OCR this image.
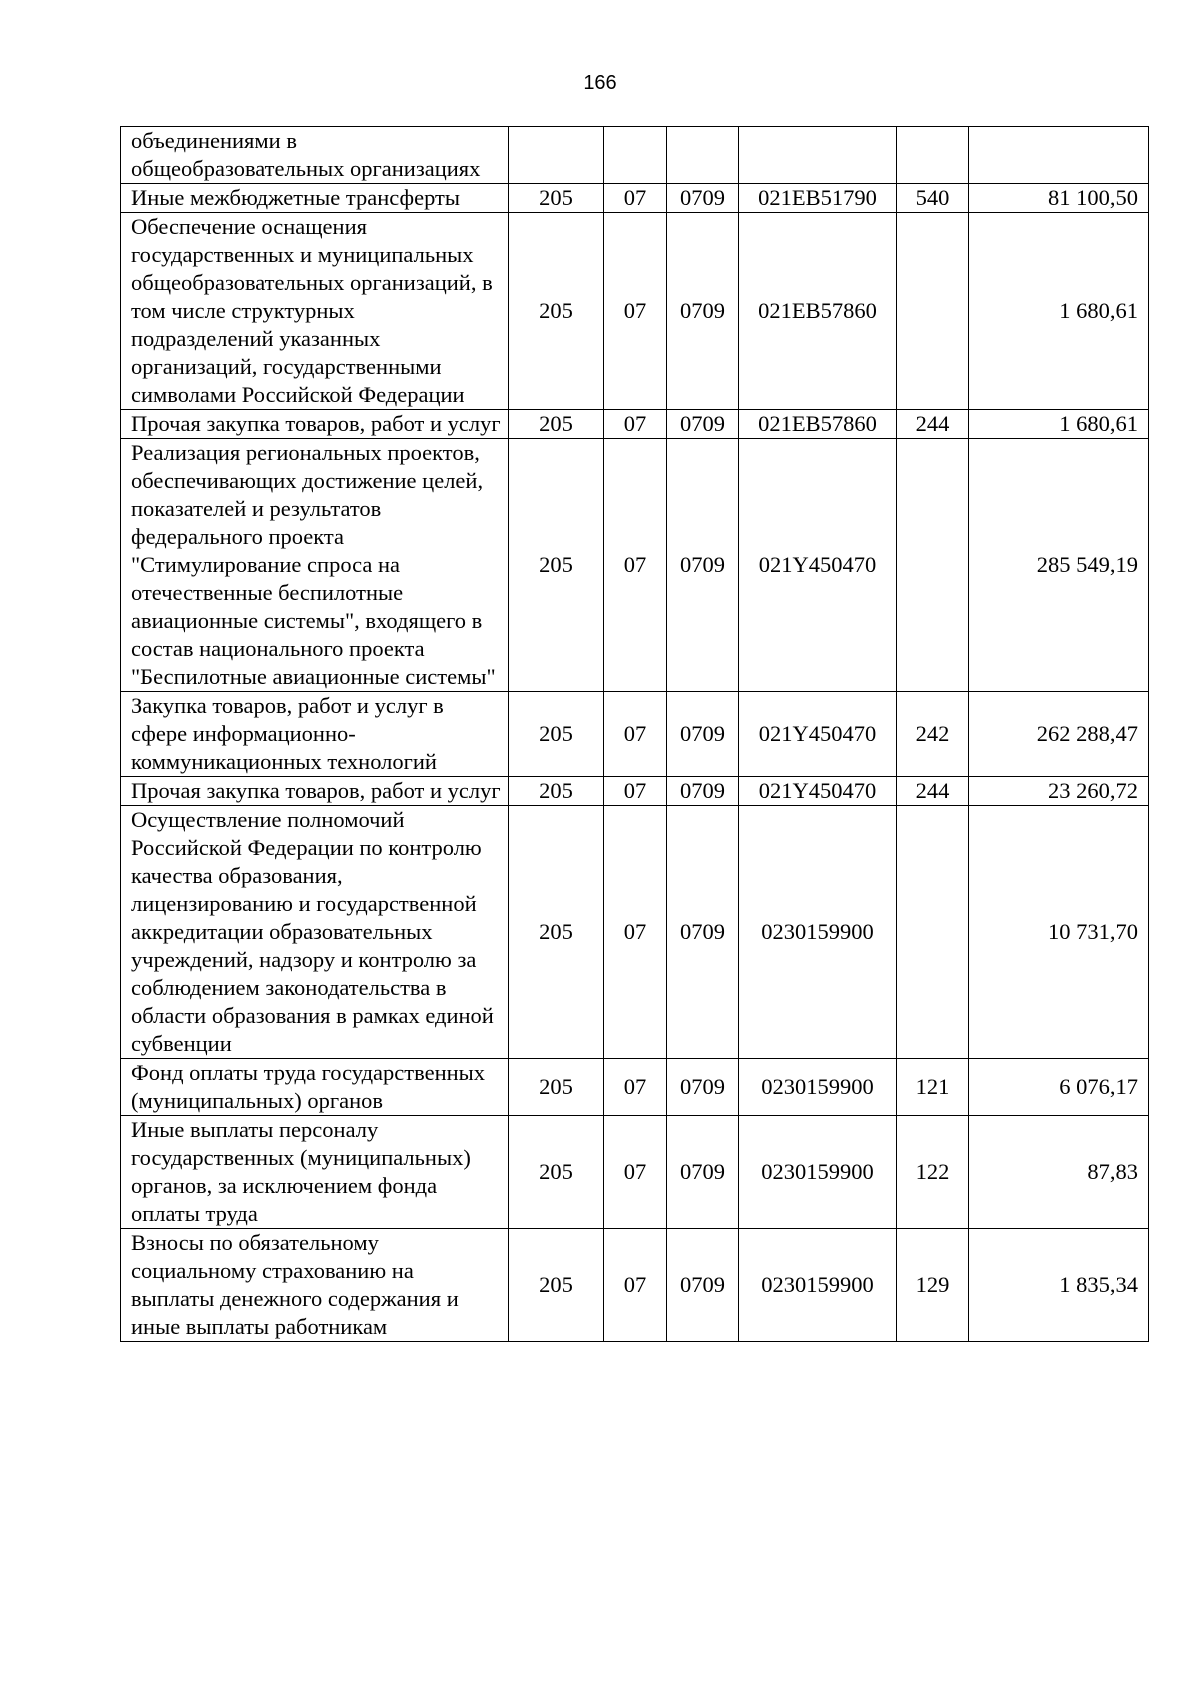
166
объединениями в общеобразовательных организациях						
Иные межбюджетные трансферты	205	07	0709	021ЕВ51790	540	81 100,50
Обеспечение оснащения государственных и муниципальных общеобразовательных организаций, в том числе структурных подразделений указанных организаций, государственными символами Российской Федерации	205	07	0709	021ЕВ57860		1 680,61
Прочая закупка товаров, работ и услуг	205	07	0709	021ЕВ57860	244	1 680,61
Реализация региональных проектов, обеспечивающих достижение целей, показателей и результатов федерального проекта "Стимулирование спроса на отечественные беспилотные авиационные системы", входящего в состав национального проекта "Беспилотные авиационные системы"	205	07	0709	021Y450470		285 549,19
Закупка товаров, работ и услуг в сфере информационно-коммуникационных технологий	205	07	0709	021Y450470	242	262 288,47
Прочая закупка товаров, работ и услуг	205	07	0709	021Y450470	244	23 260,72
Осуществление полномочий Российской Федерации по контролю качества образования, лицензированию и государственной аккредитации образовательных учреждений, надзору и контролю за соблюдением законодательства в области образования в рамках единой субвенции	205	07	0709	0230159900		10 731,70
Фонд оплаты труда государственных (муниципальных) органов	205	07	0709	0230159900	121	6 076,17
Иные выплаты персоналу государственных (муниципальных) органов, за исключением фонда оплаты труда	205	07	0709	0230159900	122	87,83
Взносы по обязательному социальному страхованию на выплаты денежного содержания и иные выплаты работникам	205	07	0709	0230159900	129	1 835,34
